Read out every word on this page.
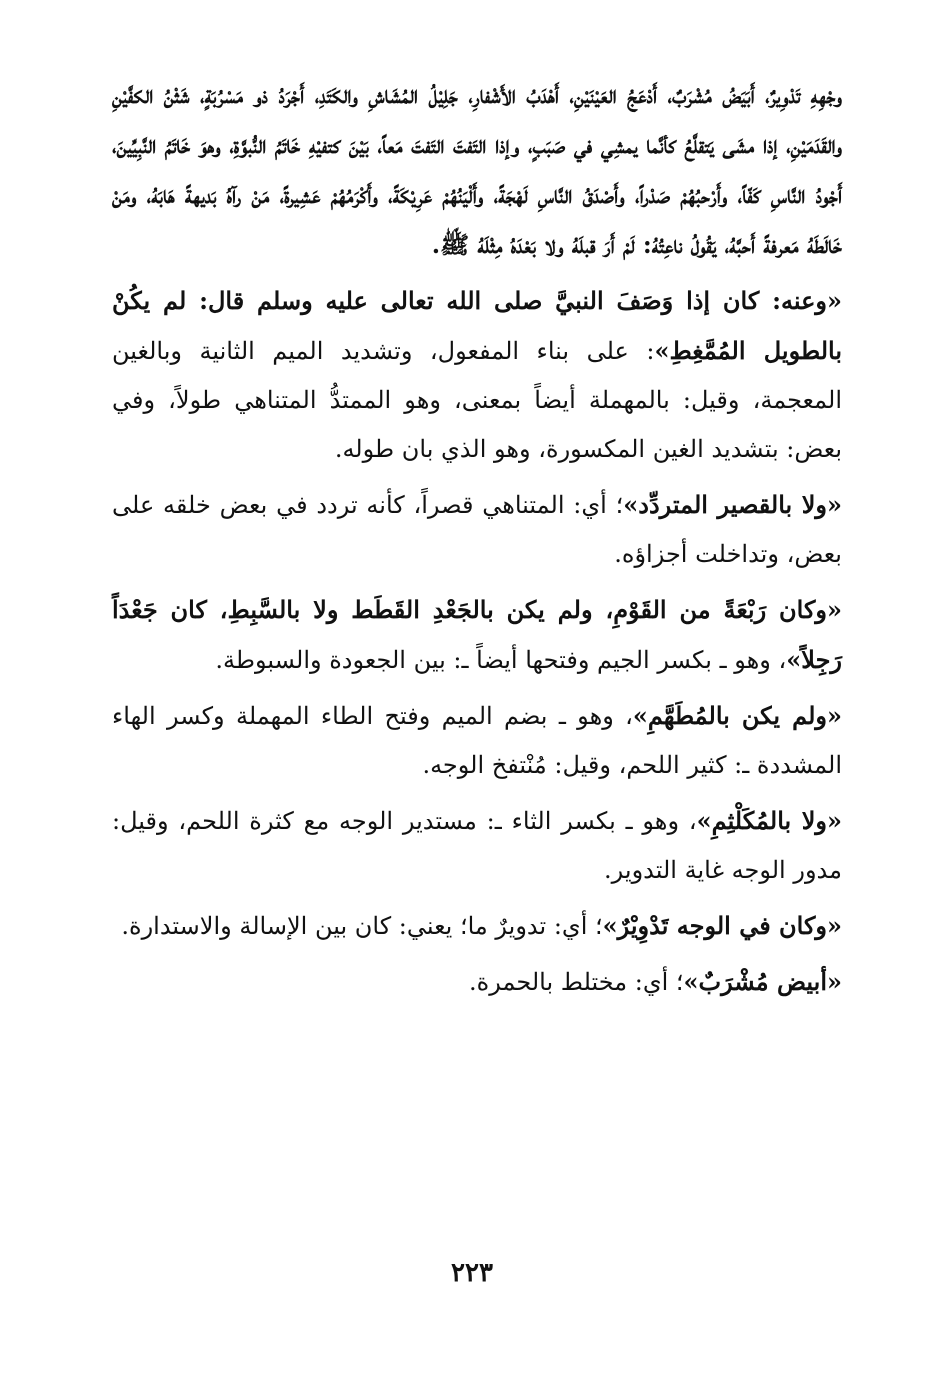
وجْهِهِ تَدْوِيرٌ، أَبَيَضُ مُشْرَبٌ، أَدْعَجُ العَيْنَيْنِ، أَهْدَبُ الأَشْفارِ، جَلِيْلُ المُشَاشِ والكَتَدِ، أَجْرَدُ ذو مَسْرُبَةٍ، شَثْنُ الكفَّيْنِ والقَدَمَيْنِ، إذا مشَى يَتقلَّعُ كأنَّما يمشِي في صَبَبٍ، وإذا التَفتَ التَفتَ مَعاً، بَيْنَ كتفيْهِ خَاتَمُ النُّبوَّةِ، وهوَ خَاتَمُ النَّبِيِّينَ، أَجْودُ النَّاسِ كَفّاً، وأَرْحبُهُمْ صَدْراً، وأَصْدَقُ النَّاسِ لَهْجَةً، وأَلْيَنُهُمْ عَرِيْكَةً، وأَكْرَمُهُمْ عَشِيرةً، مَنْ رآهُ بَديهةً هَابَهُ، ومَنْ خَالَطَهُ مَعرفةً أَحبَّهُ، يَقُولُ ناعِتُهُ: لَمْ أَرَ قبلَهُ ولا بَعْدَهُ مِثْلَهُ ﷺ.

«وعنه: كان إذا وَصَفَ النبيَّ صلى الله تعالى عليه وسلم قال: لم يكُنْ بالطويل المُمَّغِطِ»: على بناء المفعول، وتشديد الميم الثانية وبالغين المعجمة، وقيل: بالمهملة أيضاً بمعنى، وهو الممتدُّ المتناهي طولاً، وفي بعض: بتشديد الغين المكسورة، وهو الذي بان طوله.

«ولا بالقصير المتردِّد»؛ أي: المتناهي قصراً، كأنه تردد في بعض خلقه على بعض، وتداخلت أجزاؤه.

«وكان رَبْعَةً من القَوْمِ، ولم يكن بالجَعْدِ القَطَط ولا بالسَّبِطِ، كان جَعْدَاً رَجِلاً»، وهو ـ بكسر الجيم وفتحها أيضاً ـ: بين الجعودة والسبوطة.

«ولم يكن بالمُطَهَّمِ»، وهو ـ بضم الميم وفتح الطاء المهملة وكسر الهاء المشددة ـ: كثير اللحم، وقيل: مُنْتفخ الوجه.

«ولا بالمُكَلْثِمِ»، وهو ـ بكسر الثاء ـ: مستدير الوجه مع كثرة اللحم، وقيل: مدور الوجه غاية التدوير.

«وكان في الوجه تَدْوِيْرٌ»؛ أي: تدويرٌ ما؛ يعني: كان بين الإسالة والاستدارة.

«أبيض مُشْرَبٌ»؛ أي: مختلط بالحمرة.

٢٢٣
